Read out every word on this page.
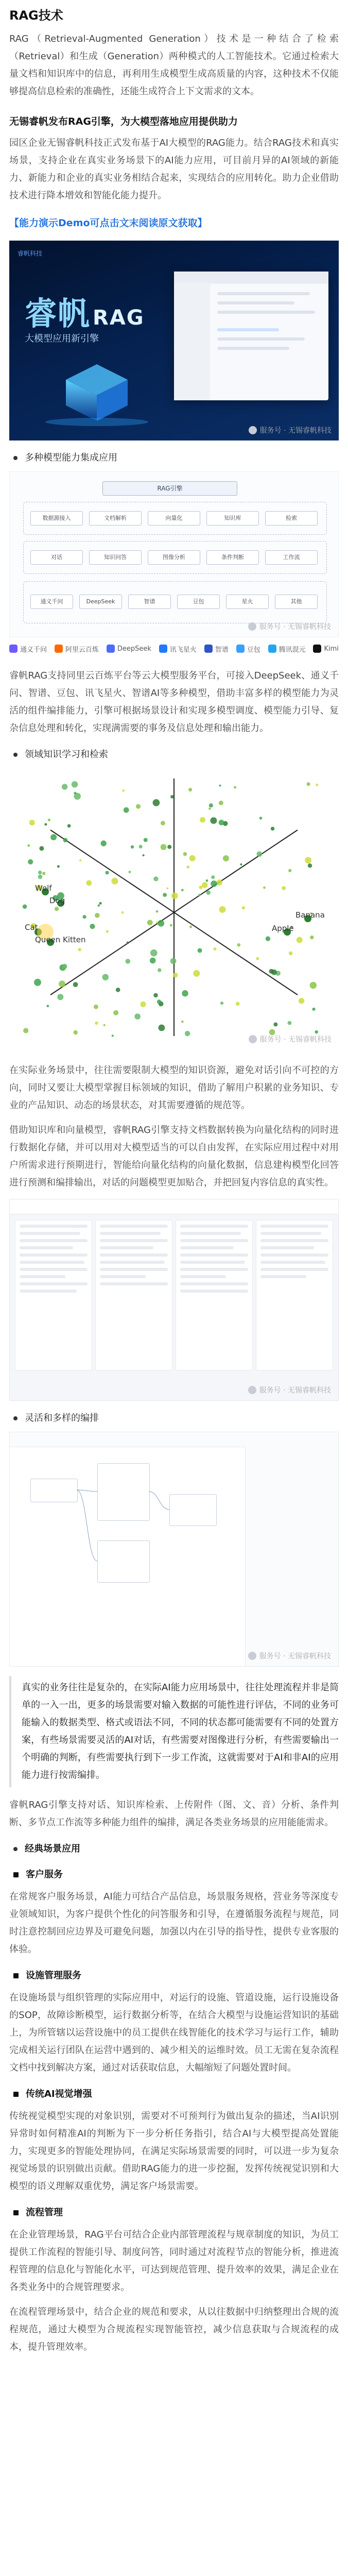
RAG技术
RAG（Retrieval-Augmented Generation）技术是一种结合了检索（Retrieval）和生成（Generation）两种模式的人工智能技术。它通过检索大量文档和知识库中的信息，再利用生成模型生成高质量的内容，这种技术不仅能够提高信息检索的准确性，还能生成符合上下文需求的文本。
无锡睿帆发布RAG引擎，为大模型落地应用提供助力
园区企业无锡睿帆科技正式发布基于AI大模型的RAG能力。结合RAG技术和真实场景，支持企业在真实业务场景下的AI能力应用，可目前月异的AI领域的新能力、新能力和企业的真实业务相结合起来，实现结合的应用转化。助力企业借助技术进行降本增效和智能化能力提升。
【能力演示Demo可点击文末阅读原文获取】
睿帆科技
睿帆 RAG
大模型应用新引擎
服务号 · 无锡睿帆科技
多种模型能力集成应用
RAG引擎
数据源接入	文档解析	向量化	知识库	检索
对话	知识问答	图像分析	条件判断	工作流
通义千问	DeepSeek	智谱	豆包	星火	其他
服务号 · 无锡睿帆科技
通义千问	阿里云百炼	DeepSeek	讯飞星火	智谱	豆包	腾讯混元	Kimi
睿帆RAG支持同里云百炼平台等云大模型服务平台，可接入DeepSeek、通义千问、智谱、豆包、讯飞星火、智谱AI等多种模型，借助丰富多样的模型能力为灵活的组件编排能力，引擎可根据场景设计和实现多模型调度、模型能力引导、复杂信息处理和转化，实现满需要的事务及信息处理和输出能力。
领域知识学习和检索
Wolf
Dog
Cat
Queen Kitten
Banana
Apple
服务号 · 无锡睿帆科技
在实际业务场景中，往往需要限制大模型的知识资源，避免对话引向不可控的方向，同时又要让大模型掌握目标领域的知识，借助了解用户积累的业务知识、专业的产品知识、动态的场景状态，对其需要遵循的规范等。
借助知识库和向量模型，睿帆RAG引擎支持文档数据转换为向量化结构的同时进行数据化存储，并可以用对大模型适当的可以自由发挥，在实际应用过程中对用户所需求进行预期进行，智能给向量化结构的向量化数据，信息建构模型化回答进行预测和编排输出，对话的问题模型更加贴合，并把回复内容信息的真实性。
服务号 · 无锡睿帆科技
灵活和多样的编排
服务号 · 无锡睿帆科技
真实的业务往往是复杂的，在实际AI能力应用场景中，往往处理流程并非是简单的一入一出，更多的场景需要对输入数据的可能性进行评估，不同的业务可能输入的数据类型、格式或语法不同，不同的状态都可能需要有不同的处置方案，有些场景需要灵活的AI对话，有些需要对图像进行分析，有些需要输出一个明确的判断，有些需要执行到下一步工作流，这就需要对于AI和非AI的应用能力进行按需编排。
睿帆RAG引擎支持对话、知识库检索、上传附件（图、文、音）分析、条件判断、多节点工作流等多种能力组件的编排，满足各类业务场景的应用能能需求。
经典场景应用
客户服务
在常规客户服务场景，AI能力可结合产品信息，场景服务规格，营业务等深度专业领域知识，为客户提供个性化的问答服务和引导，在遵循服务流程与规范，同时注意控制回应边界及可避免问题，加强以内在引导的指导性，提供专业客服的体验。
设施管理服务
在设施场景与组织管理的实际应用中，对运行的设施、管道设施，运行设施设备的SOP，故障诊断模型，运行数据分析等，在结合大模型与设施运营知识的基础上，为所管辖以运营设施中的员工提供在线智能化的技术学习与运行工作，辅助完成相关运行团队在运营中遇到的、减少相关的运维时效。员工无需在复杂流程文档中找到解决方案，通过对话获取信息，大幅缩短了问题处置时间。
传统AI视觉增强
传统视觉模型实现的对象识别，需要对不可预判行为做出复杂的描述，当AI识别异常时如何精准AI的判断为下一步分析任务指引，结合AI与大模型提高处置能力，实现更多的智能处理协同，在满足实际场景需要的同时，可以进一步为复杂视觉场景的识别做出贡献。借助RAG能力的进一步挖掘，发挥传统视觉识别和大模型的语义理解双重优势，满足客户场景需要。
流程管理
在企业管理场景，RAG平台可结合企业内部管理流程与规章制度的知识，为员工提供工作流程的智能引导、制度问答，同时通过对流程节点的智能分析，推进流程管理的信息化与智能化水平，可达到规范管理、提升效率的效果，满足企业在各类业务中的合规管理要求。
在流程管理场景中，结合企业的规范和要求，从以往数据中归纳整理出合规的流程规范，通过大模型为合规流程实现智能管控，减少信息获取与合规流程的成本，提升管理效率。
